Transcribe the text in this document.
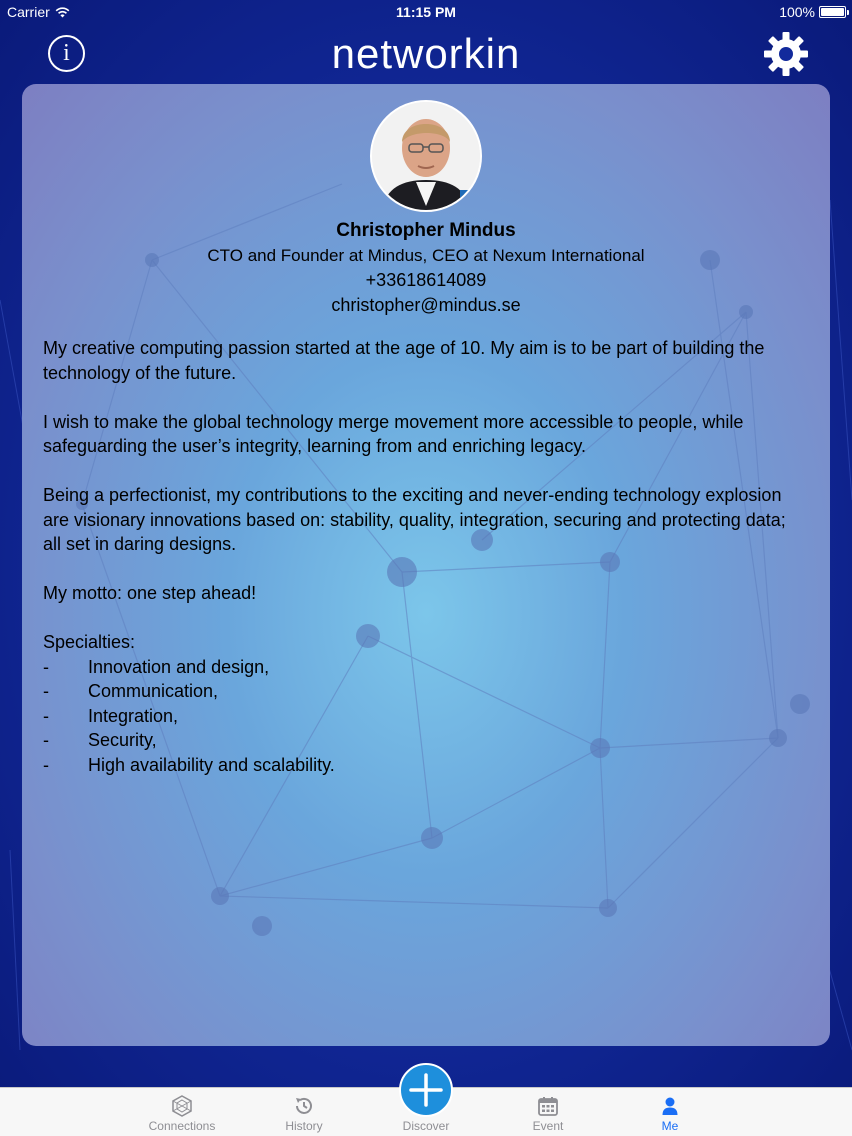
Carrier	11:15 PM	100%
i	networkin
Christopher Mindus
CTO and Founder at Mindus, CEO at Nexum International
+33618614089
christopher@mindus.se

My creative computing passion started at the age of 10. My aim is to be part of building the technology of the future.

I wish to make the global technology merge movement more accessible to people, while safeguarding the user’s integrity, learning from and enriching legacy.

Being a perfectionist, my contributions to the exciting and never-ending technology explosion are visionary innovations based on: stability, quality, integration, securing and protecting data; all set in daring designs.

My motto: one step ahead!

Specialties:

-	Innovation and design,
-	Communication,
-	Integration,
-	Security,
-	High availability and scalability.
Connections	History	Discover	Event	Me
